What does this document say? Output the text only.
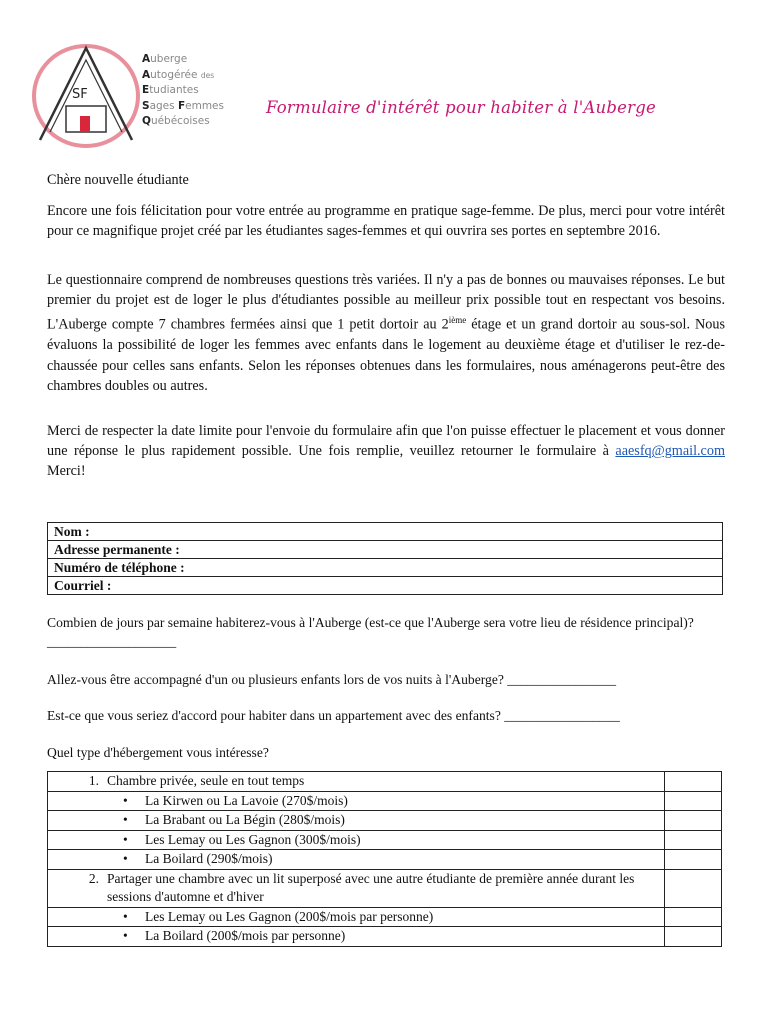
SF
Auberge
Autogérée des
Etudiantes
Sages Femmes
Québécoises
Formulaire d'intérêt pour habiter à l'Auberge
Chère nouvelle étudiante
Encore une fois félicitation pour votre entrée au programme en pratique sage-femme. De plus, merci pour votre intérêt pour ce magnifique projet créé par les étudiantes sages-femmes et qui ouvrira ses portes en septembre 2016.
Le questionnaire comprend de nombreuses questions très variées. Il n'y a pas de bonnes ou mauvaises réponses. Le but premier du projet est de loger le plus d'étudiantes possible au meilleur prix possible tout en respectant vos besoins. L'Auberge compte 7 chambres fermées ainsi que 1 petit dortoir au 2ième étage et un grand dortoir au sous-sol. Nous évaluons la possibilité de loger les femmes avec enfants dans le logement au deuxième étage et d'utiliser le rez-de-chaussée pour celles sans enfants. Selon les réponses obtenues dans les formulaires, nous aménagerons peut-être des chambres doubles ou autres.
Merci de respecter la date limite pour l'envoie du formulaire afin que l'on puisse effectuer le placement et vous donner une réponse le plus rapidement possible. Une fois remplie, veuillez retourner le formulaire à aaesfq@gmail.com Merci!
Nom :
Adresse permanente :
Numéro de téléphone :
Courriel :
Combien de jours par semaine habiterez-vous à l'Auberge (est-ce que l'Auberge sera votre lieu de résidence principal)? ___________________
Allez-vous être accompagné d'un ou plusieurs enfants lors de vos nuits à l'Auberge? ________________
Est-ce que vous seriez d'accord pour habiter dans un appartement avec des enfants? _________________
Quel type d'hébergement vous intéresse?
1. Chambre privée, seule en tout temps	

• La Kirwen ou La Lavoie (270$/mois)

• La Brabant ou La Bégin (280$/mois)

• Les Lemay ou Les Gagnon (300$/mois)

• La Boilard (290$/mois)

2. Partager une chambre avec un lit superposé avec une autre étudiante de première année durant les sessions d'automne et d'hiver	

• Les Lemay ou Les Gagnon (200$/mois par personne)

• La Boilard (200$/mois par personne)
